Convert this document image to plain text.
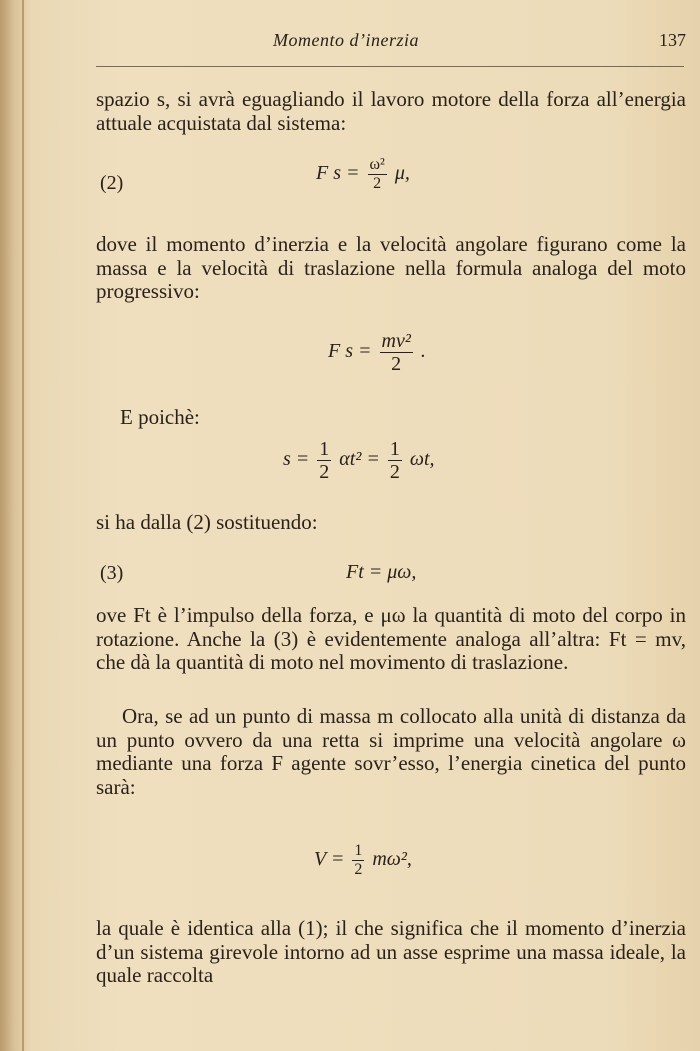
Momento d’inerzia	137
spazio s, si avrà eguagliando il lavoro motore della forza all’energia attuale acquistata dal sistema:
(2)	F $s = \frac{\text{ω²}}{2} \mu$,
dove il momento d’inerzia e la velocità angolare figurano come la massa e la velocità di traslazione nella formula analoga del moto progressivo:
F $s = \frac{\text{mv²}}{2}$ .
E poichè:
$s = \frac{1}{2} \alpha t^2 = \frac{1}{2} \omega t$,
si ha dalla (2) sostituendo:
(3)	Ft = μω,
ove Ft è l’impulso della forza, e μω la quantità di moto del corpo in rotazione. Anche la (3) è evidentemente analoga all’altra: Ft = mv, che dà la quantità di moto nel movimento di traslazione.
Ora, se ad un punto di massa m collocato alla unità di distanza da un punto ovvero da una retta si imprime una velocità angolare ω mediante una forza F agente sovr’esso, l’energia cinetica del punto sarà:
$V = \frac{1}{2} m\omega^2$,
la quale è identica alla (1); il che significa che il momento d’inerzia d’un sistema girevole intorno ad un asse esprime una massa ideale, la quale raccolta
